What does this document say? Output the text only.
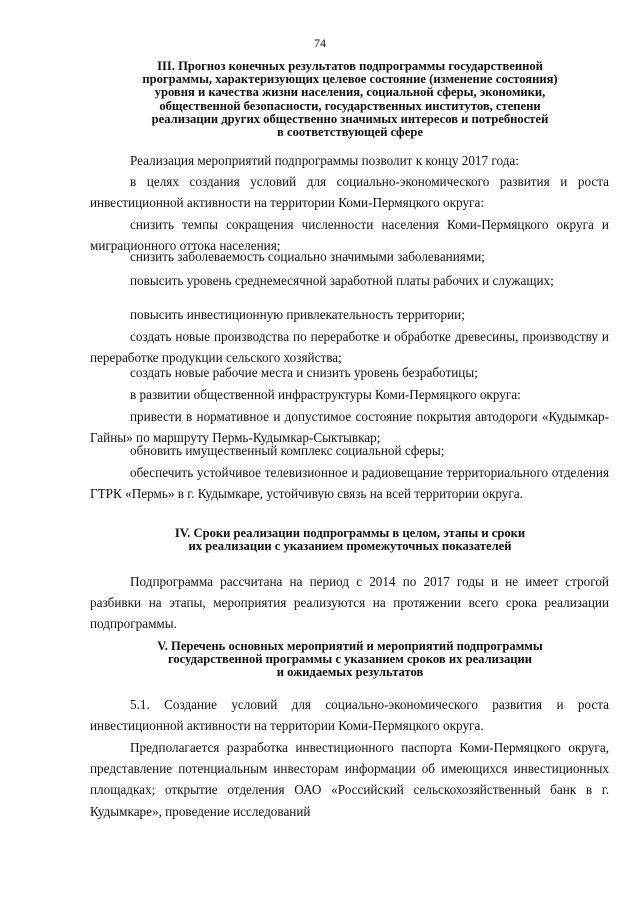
74
III. Прогноз конечных результатов подпрограммы государственной
программы, характеризующих целевое состояние (изменение состояния)
уровня и качества жизни населения, социальной сферы, экономики,
общественной безопасности, государственных институтов, степени
реализации других общественно значимых интересов и потребностей
в соответствующей сфере
Реализация мероприятий подпрограммы позволит к концу 2017 года:
в целях создания условий для социально-экономического развития и роста инвестиционной активности на территории Коми-Пермяцкого округа:
снизить темпы сокращения численности населения Коми-Пермяцкого округа и миграционного оттока населения;
снизить заболеваемость социально значимыми заболеваниями;
повысить уровень среднемесячной заработной платы рабочих и служащих;
повысить инвестиционную привлекательность территории;
создать новые производства по переработке и обработке древесины, производству и переработке продукции сельского хозяйства;
создать новые рабочие места и снизить уровень безработицы;
в развитии общественной инфраструктуры Коми-Пермяцкого округа:
привести в нормативное и допустимое состояние покрытия автодороги «Кудымкар-Гайны» по маршруту Пермь-Кудымкар-Сыктывкар;
обновить имущественный комплекс социальной сферы;
обеспечить устойчивое телевизионное и радиовещание территориального отделения ГТРК «Пермь» в г. Кудымкаре, устойчивую связь на всей территории округа.
IV. Сроки реализации подпрограммы в целом, этапы и сроки
их реализации с указанием промежуточных показателей
Подпрограмма рассчитана на период с 2014 по 2017 годы и не имеет строгой разбивки на этапы, мероприятия реализуются на протяжении всего срока реализации подпрограммы.
V. Перечень основных мероприятий и мероприятий подпрограммы
государственной программы с указанием сроков их реализации
и ожидаемых результатов
5.1. Создание условий для социально-экономического развития и роста инвестиционной активности на территории Коми-Пермяцкого округа.
Предполагается разработка инвестиционного паспорта Коми-Пермяцкого округа, представление потенциальным инвесторам информации об имеющихся инвестиционных площадках; открытие отделения ОАО «Российский сельскохозяйственный банк в г. Кудымкаре», проведение исследований
